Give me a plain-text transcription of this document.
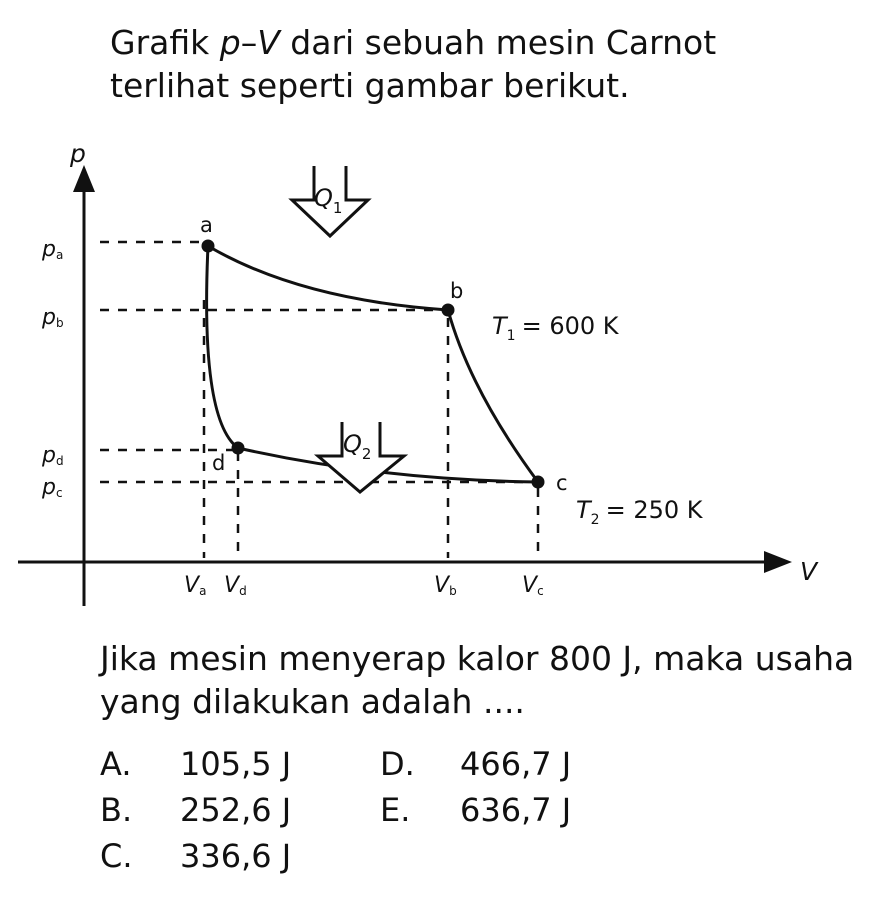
Grafik p–V dari sebuah mesin Carnot terlihat seperti gambar berikut.
a
b
c
d
$Q_1$
$Q_2$
p
V
pa
pb
pd
pc
Va Vd	Vb	Vc
$T_1 = 600$ K
$T_2 = 250$ K
Jika mesin menyerap kalor 800 J, maka usaha yang dilakukan adalah ....
A. 105,5 J
B. 252,6 J
C. 336,6 J
D. 466,7 J
E. 636,7 J
